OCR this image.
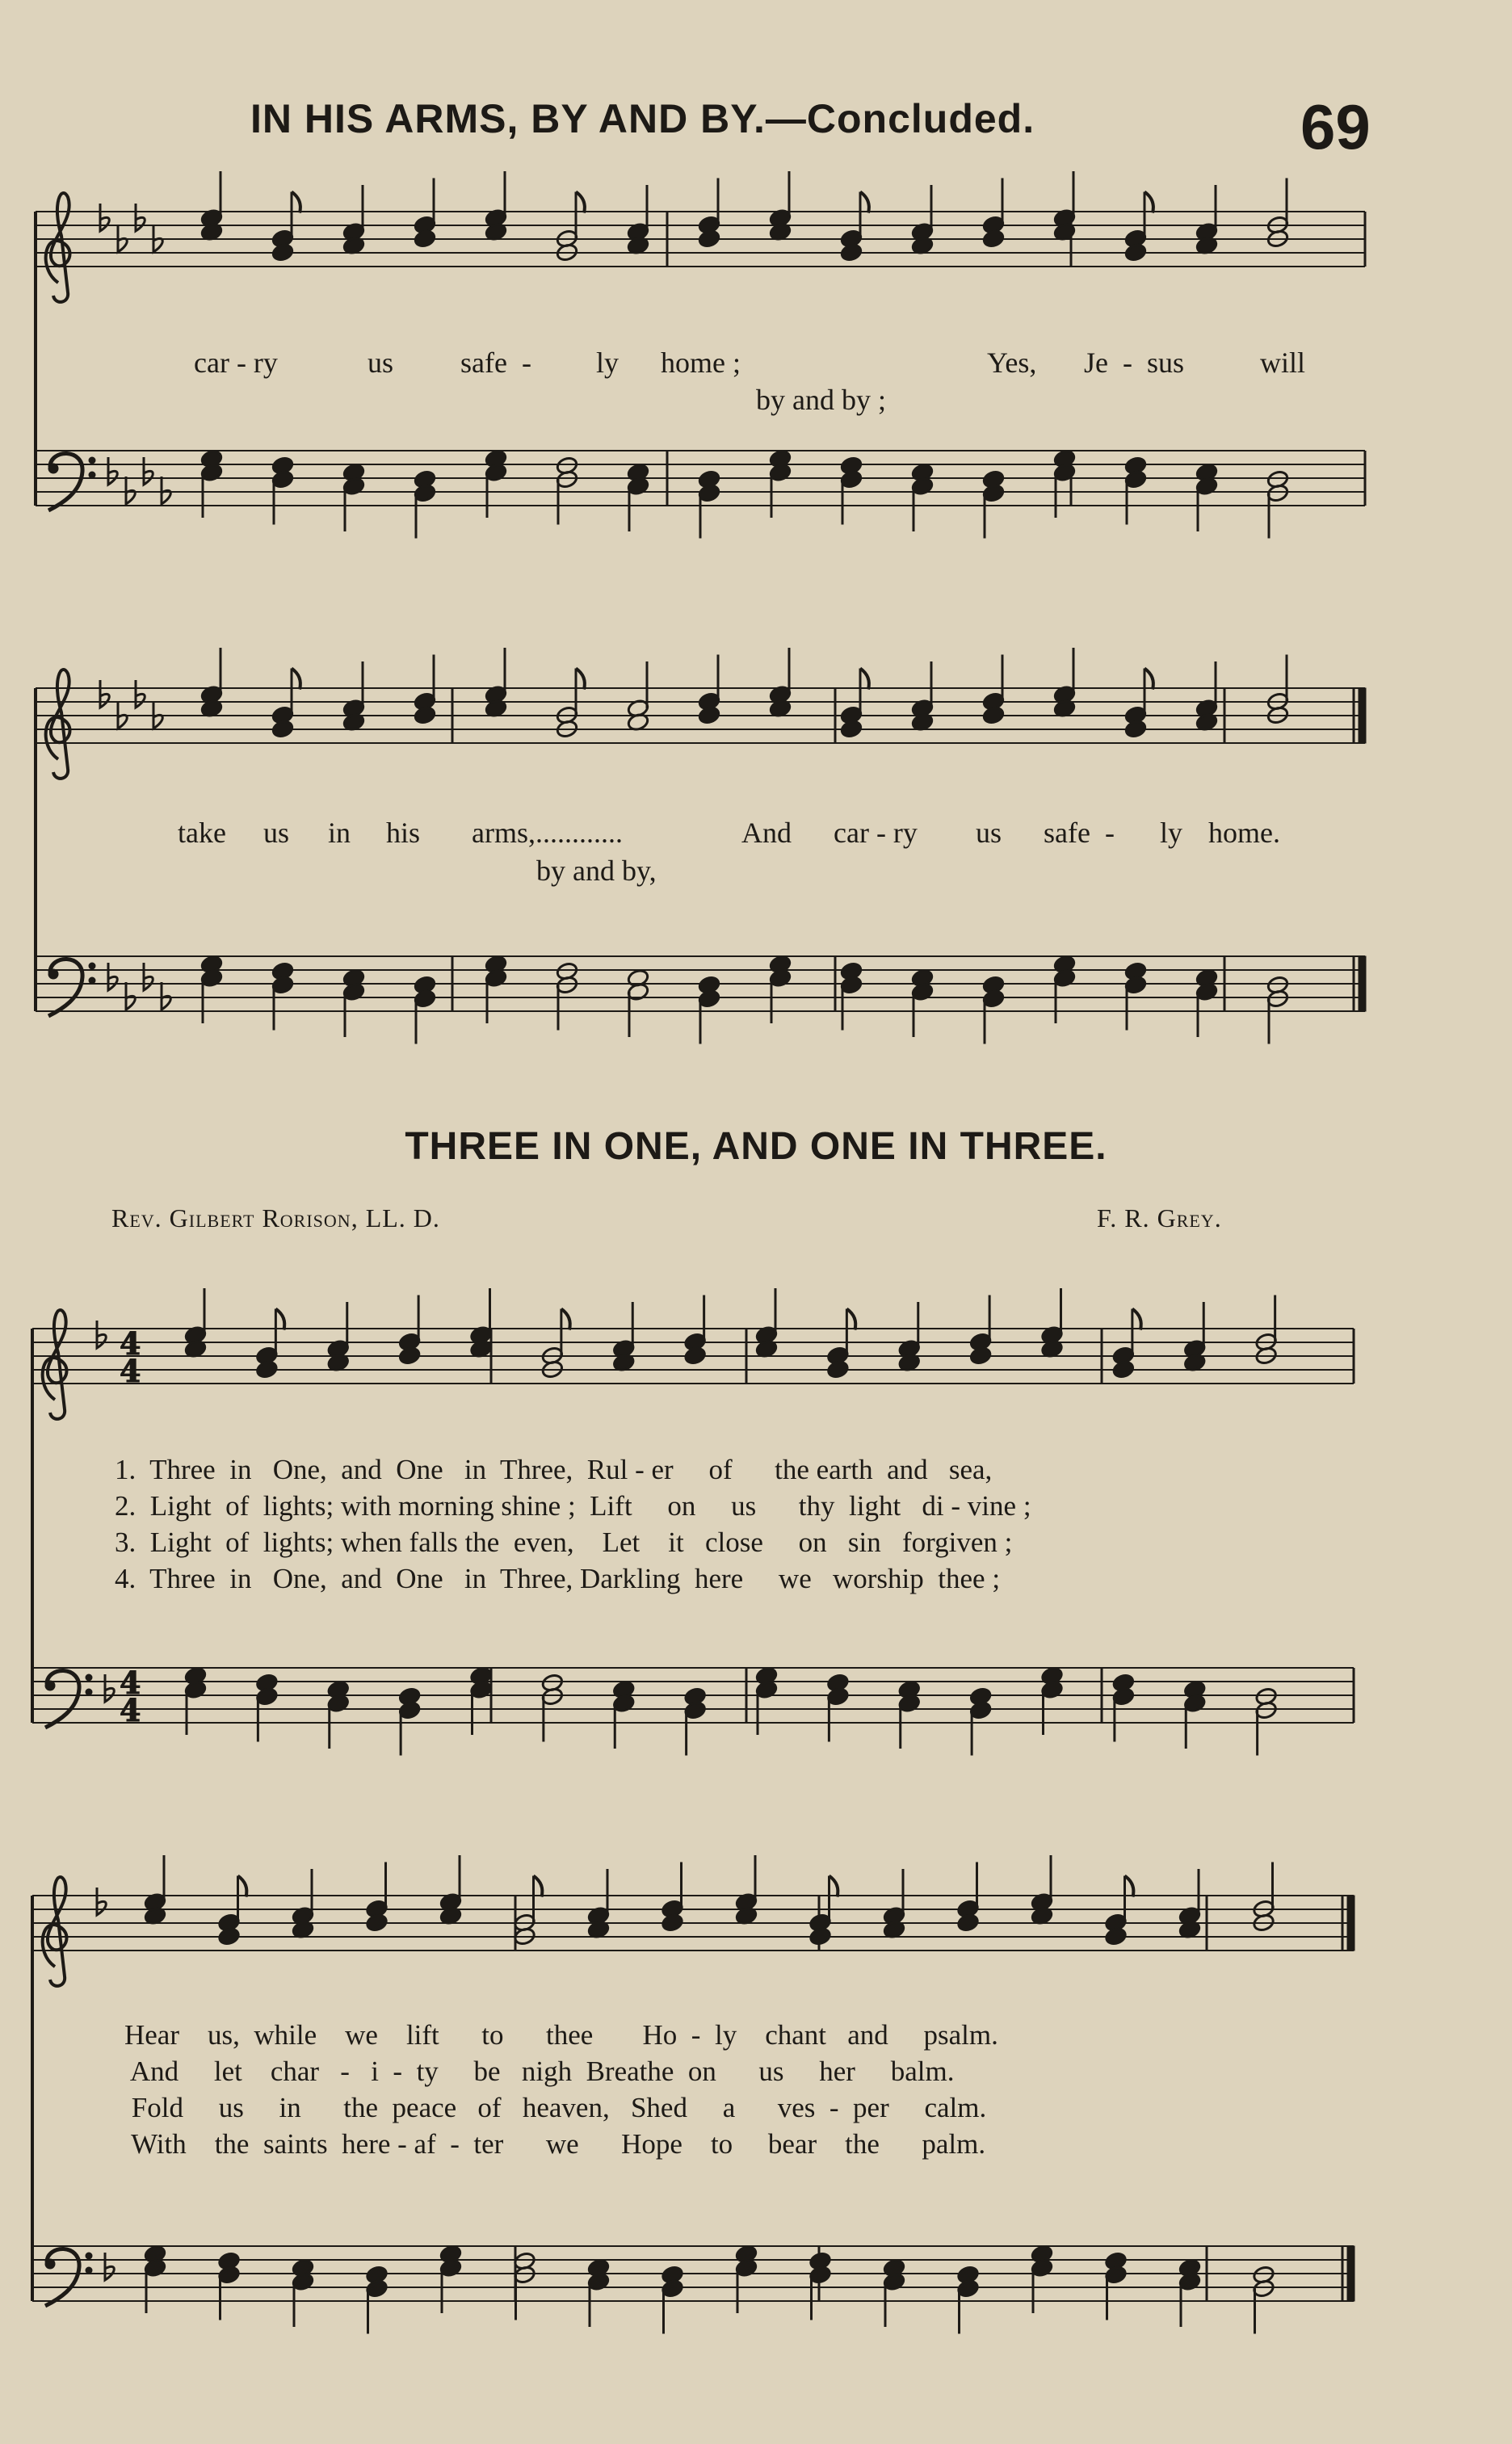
IN HIS ARMS, BY AND BY.—Concluded.	69
4
4
4
4
car - ry	us safe  - ly home ;	Yes, Je  -  sus	will
by and by ;
take us in his arms,............	And car - ry us safe  - ly home.
by and by,
THREE IN ONE, AND ONE IN THREE.
Rev. Gilbert Rorison, LL. D.	F. R. Grey.
1.  Three  in   One,  and  One   in  Three,  Rul - er     of      the earth  and   sea,
2.  Light  of  lights; with morning shine ;  Lift     on     us      thy  light   di - vine ;
3.  Light  of  lights; when falls the  even,    Let    it   close     on   sin   forgiven ;
4.  Three  in   One,  and  One   in  Three, Darkling  here     we   worship  thee ;
Hear    us,  while    we    lift      to      thee       Ho  -  ly    chant   and     psalm.
And     let    char   -   i  -  ty     be   nigh  Breathe  on      us     her     balm.
Fold     us     in      the  peace   of   heaven,   Shed     a      ves  -  per     calm.
With    the  saints  here - af  -  ter      we      Hope    to     bear    the      palm.
